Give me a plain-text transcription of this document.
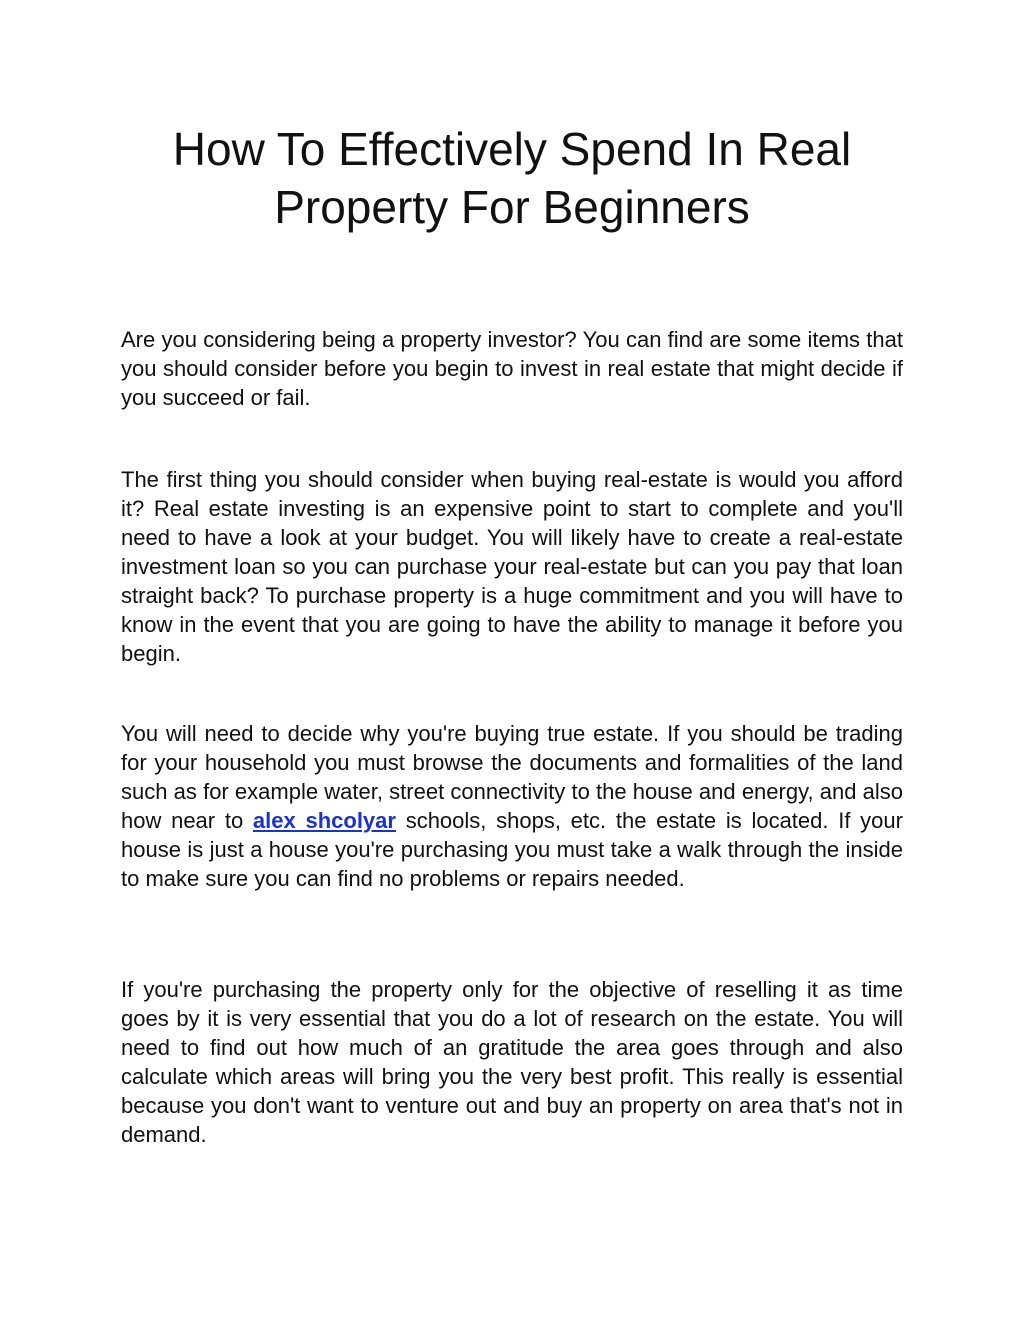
How To Effectively Spend In Real Property For Beginners

Are you considering being a property investor? You can find are some items that you should consider before you begin to invest in real estate that might decide if you succeed or fail.

The first thing you should consider when buying real-estate is would you afford it? Real estate investing is an expensive point to start to complete and you'll need to have a look at your budget. You will likely have to create a real-estate investment loan so you can purchase your real-estate but can you pay that loan straight back? To purchase property is a huge commitment and you will have to know in the event that you are going to have the ability to manage it before you begin.

You will need to decide why you're buying true estate. If you should be trading for your household you must browse the documents and formalities of the land such as for example water, street connectivity to the house and energy, and also how near to alex shcolyar schools, shops, etc. the estate is located. If your house is just a house you're purchasing you must take a walk through the inside to make sure you can find no problems or repairs needed.

If you're purchasing the property only for the objective of reselling it as time goes by it is very essential that you do a lot of research on the estate. You will need to find out how much of an gratitude the area goes through and also calculate which areas will bring you the very best profit. This really is essential because you don't want to venture out and buy an property on area that's not in demand.
